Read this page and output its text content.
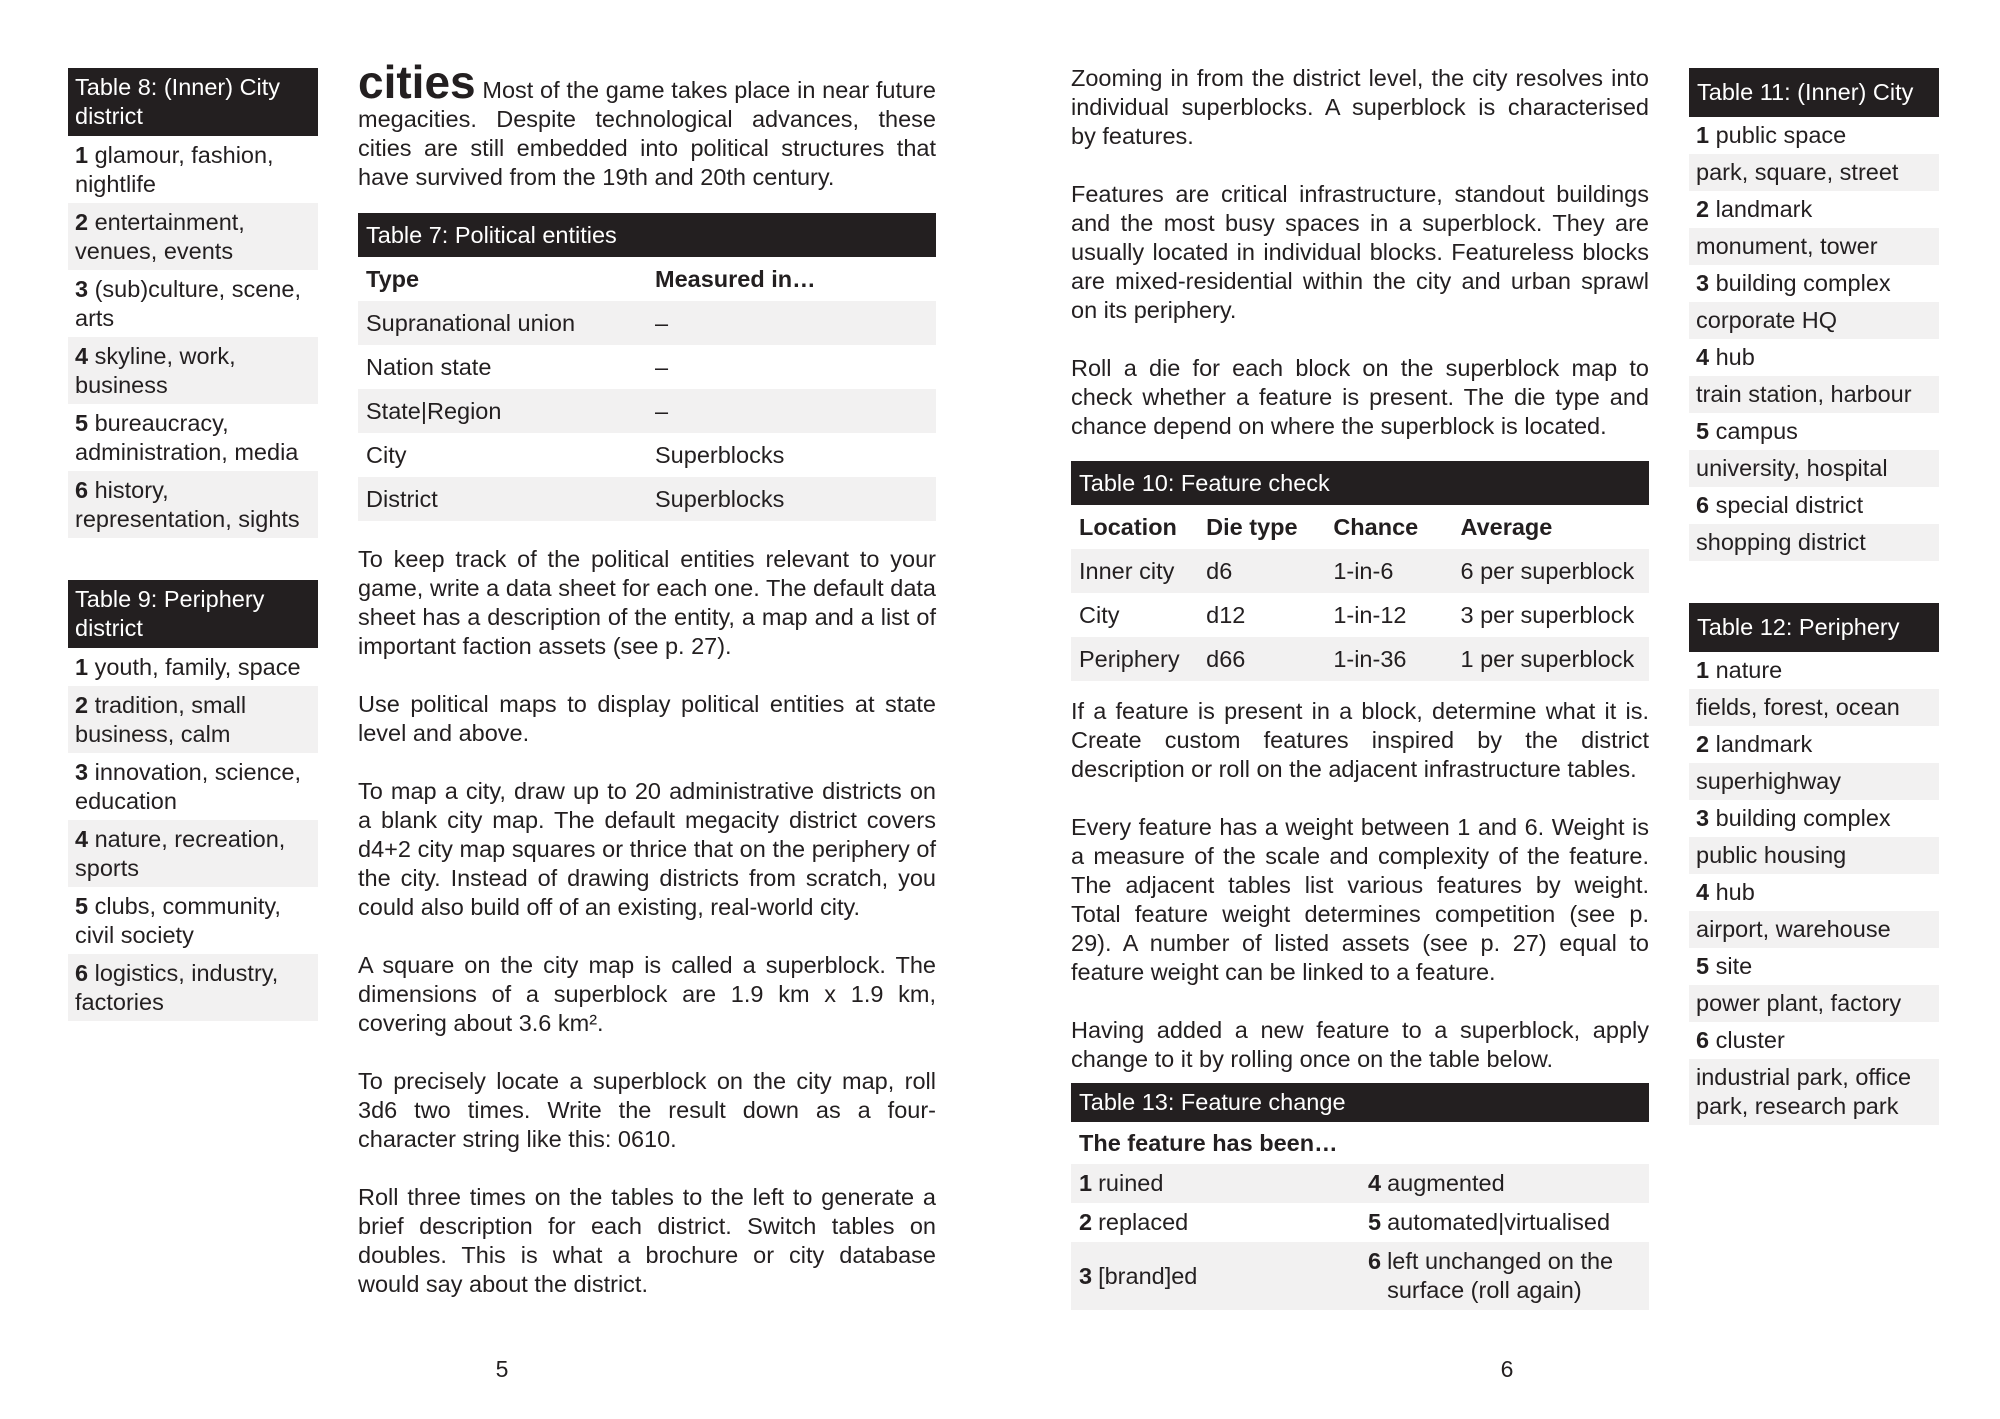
Table 8: (Inner) City district
1 glamour, fashion, nightlife
2 entertainment, venues, events
3 (sub)culture, scene, arts
4 skyline, work, business
5 bureaucracy, administration, media
6 history, representation, sights
Table 9: Periphery district
1 youth, family, space
2 tradition, small business, calm
3 innovation, science, education
4 nature, recreation, sports
5 clubs, community, civil society
6 logistics, industry, factories

cities Most of the game takes place in near future megacities. Despite technological advances, these cities are still embedded into political structures that have survived from the 19th and 20th century.

Table 7: Political entities	
Type	Measured in…
Supranational union	–
Nation state	–
State|Region	–
City	Superblocks
District	Superblocks

To keep track of the political entities relevant to your game, write a data sheet for each one. The default data sheet has a description of the entity, a map and a list of important faction assets (see p. 27).

Use political maps to display political entities at state level and above.

To map a city, draw up to 20 administrative districts on a blank city map. The default megacity district covers d4+2 city map squares or thrice that on the periphery of the city. Instead of drawing districts from scratch, you could also build off of an existing, real-world city.

A square on the city map is called a superblock. The dimensions of a superblock are 1.9 km x 1.9 km, covering about 3.6 km².

To precisely locate a superblock on the city map, roll 3d6 two times. Write the result down as a four-character string like this: 0610.

Roll three times on the tables to the left to generate a brief description for each district. Switch tables on doubles. This is what a brochure or city database would say about the district.

5

Zooming in from the district level, the city resolves into individual superblocks. A superblock is characterised by features.

Features are critical infrastructure, standout buildings and the most busy spaces in a superblock. They are usually located in individual blocks. Featureless blocks are mixed-residential within the city and urban sprawl on its periphery.

Roll a die for each block on the superblock map to check whether a feature is present. The die type and chance depend on where the superblock is located.

Table 10: Feature check			
Location	Die type	Chance	Average
Inner city	d6	1-in-6	6 per superblock
City	d12	1-in-12	3 per superblock
Periphery	d66	1-in-36	1 per superblock

If a feature is present in a block, determine what it is. Create custom features inspired by the district description or roll on the adjacent infrastructure tables.

Every feature has a weight between 1 and 6. Weight is a measure of the scale and complexity of the feature. The adjacent tables list various features by weight. Total feature weight determines competition (see p. 29). A number of listed assets (see p. 27) equal to feature weight can be linked to a feature.

Having added a new feature to a superblock, apply change to it by rolling once on the table below.

Table 13: Feature change	
The feature has been…	

1 ruined	4 augmented

2 replaced	5 automated|virtualised

3 [brand]ed	6 left unchanged on the surface (roll again)
6
Table 11: (Inner) City
1 public space
park, square, street
2 landmark
monument, tower
3 building complex
corporate HQ
4 hub
train station, harbour
5 campus
university, hospital
6 special district
shopping district
Table 12: Periphery
1 nature
fields, forest, ocean
2 landmark
superhighway
3 building complex
public housing
4 hub
airport, warehouse
5 site
power plant, factory
6 cluster
industrial park, office park, research park
